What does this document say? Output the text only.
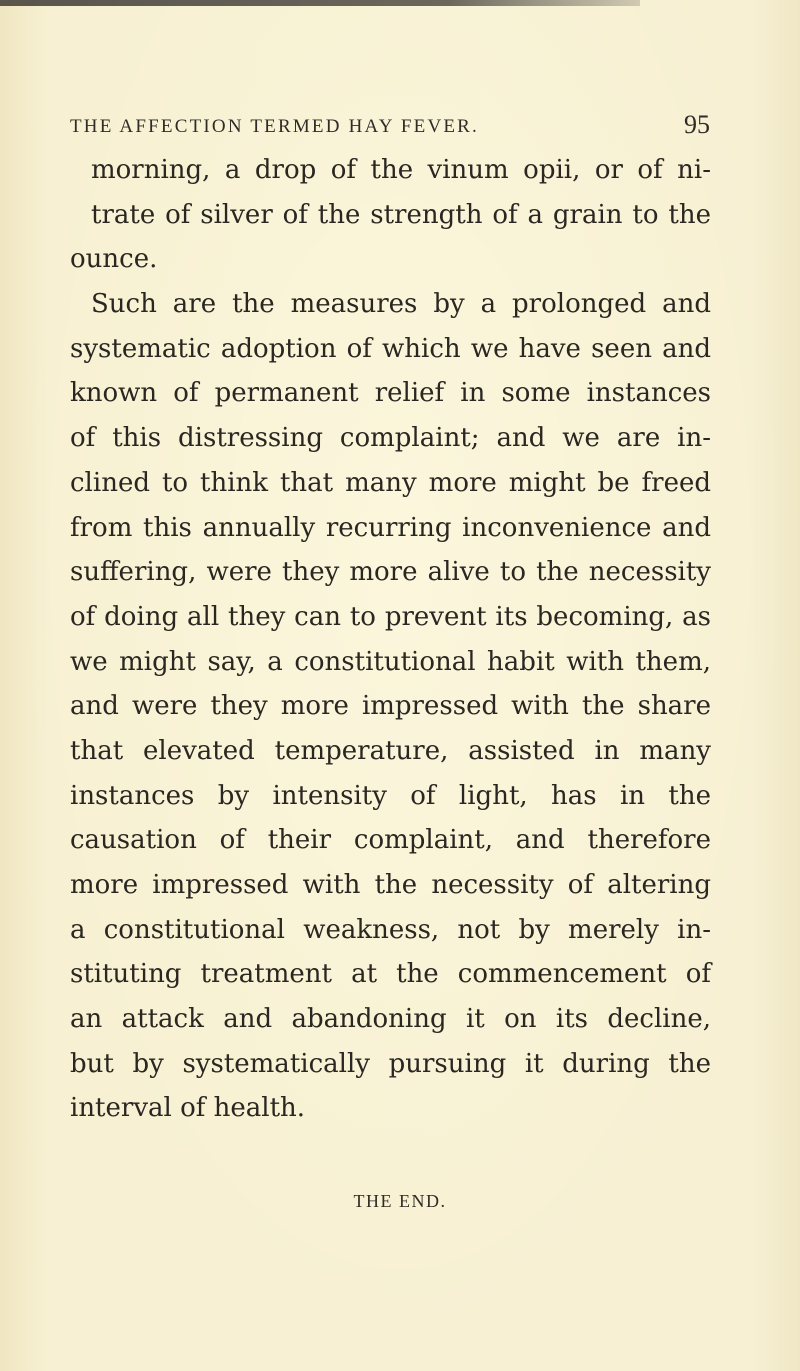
THE AFFECTION TERMED HAY FEVER.	95
morning, a drop of the vinum opii, or of ni-
trate of silver of the strength of a grain to the
ounce.
Such are the measures by a prolonged and
systematic adoption of which we have seen and
known of permanent relief in some instances
of this distressing complaint; and we are in-
clined to think that many more might be freed
from this annually recurring inconvenience and
suffering, were they more alive to the necessity
of doing all they can to prevent its becoming, as
we might say, a constitutional habit with them,
and were they more impressed with the share
that elevated temperature, assisted in many
instances by intensity of light, has in the
causation of their complaint, and therefore
more impressed with the necessity of altering
a constitutional weakness, not by merely in-
stituting treatment at the commencement of
an attack and abandoning it on its decline,
but by systematically pursuing it during the
interval of health.
THE END.
